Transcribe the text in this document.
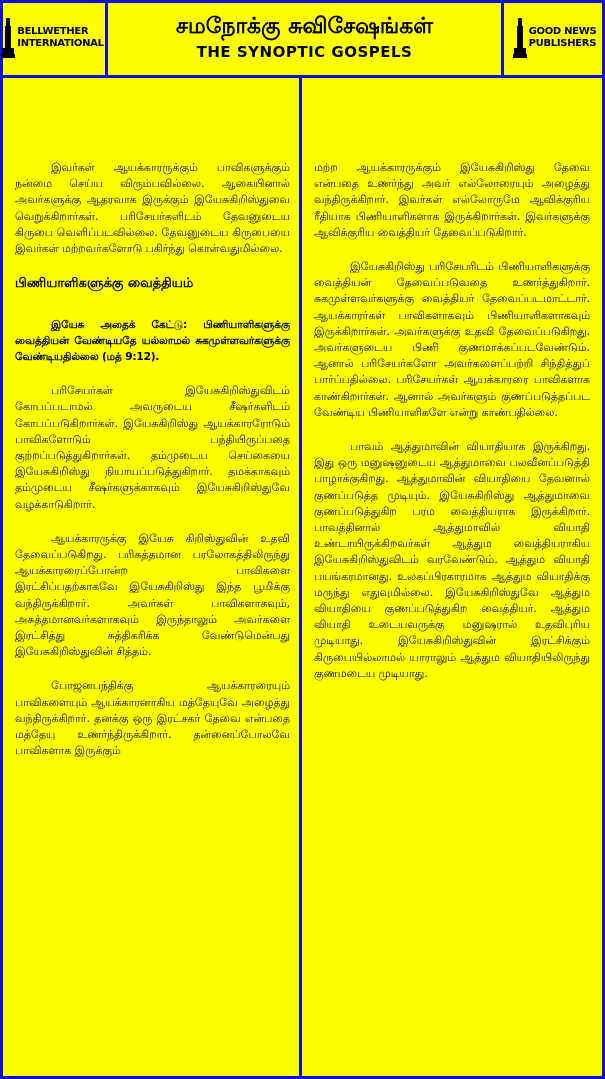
BELLWETHER
INTERNATIONAL
சமநோக்கு சுவிசேஷங்கள்
THE SYNOPTIC GOSPELS
GOOD NEWS
PUBLISHERS

இவர்கள் ஆயக்காரருக்கும் பாவிகளுக்கும் நன்மை செய்ய விரும்பவில்லை. ஆகையினால் அவர்களுக்கு ஆதரவாக இருக்கும் இயேசுகிறிஸ்துவை வெறுக்கிறார்கள். பரிசேயர்களிடம் தேவனுடைய கிருபை வெளிப்படவில்லை. தேவனுடைய கிருபையை இவர்கள் மற்றவர்களோடு பகிர்ந்து கொள்வதுமில்லை.

பிணியாளிகளுக்கு வைத்தியம்

இயேசு அதைக் கேட்டு: பிணியாளிகளுக்கு வைத்தியன் வேண்டியதே யல்லாமல் சுகமுள்ளவர்களுக்கு வேண்டியதில்லை (மத் 9:12).

பரிசேயர்கள் இயேசுகிறிஸ்துவிடம் கோபப்படாமல் அவருடைய சீஷர்களிடம் கோபப்படுகிறார்கள். இயேசுகிறிஸ்து ஆயக்காரரோடும் பாவிகளோடும் பந்தியிருப்பதை குற்றப்படுத்துகிறார்கள். தம்முடைய செய்கையை இயேசுகிறிஸ்து நியாயப்படுத்துகிறார். தமக்காகவும் தம்முடைய சீஷர்களுக்காகவும் இயேசுகிறிஸ்துவே வழக்காடுகிறார்.

ஆயக்காரருக்கு இயேசு கிறிஸ்துவின் உதவி தேவைப்படுகிறது. பரிசுத்தமான பரலோகத்திலிருந்து ஆயக்காரரைப்போன்ற பாவிகளை இரட்சிப்பதற்காகவே இயேசுகிறிஸ்து இந்த பூமிக்கு வந்திருக்கிறார். அவர்கள் பாவிகளாகவும், அசுத்தமானவர்களாகவும் இருந்தாலும் அவர்களை இரட்சித்து சுத்திகரிக்க வேண்டுமென்பது இயேசுகிறிஸ்துவின் சித்தம்.

போஜனபந்திக்கு ஆயக்காரரையும் பாவிகளையும் ஆயக்காரனாகிய மத்தேயுவே அழைத்து வந்திருக்கிறார். தனக்கு ஒரு இரட்சகர் தேவை என்பதை மத்தேயு உணர்ந்திருக்கிறார். தன்னைப்போலவே பாவிகளாக இருக்கும்

மற்ற ஆயக்காரருக்கும் இயேசுகிறிஸ்து தேவை என்பதை உணர்ந்து அவர் எல்லோரையும் அழைத்து வந்திருக்கிறார். இவர்கள் எல்லோருமே ஆவிக்குரிய ரீதியாக பிணியாளிகளாக இருக்கிறார்கள். இவர்களுக்கு ஆவிக்குரிய வைத்தியர் தேவைப்படுகிறார்.

இயேசுகிறிஸ்து பரிசேயரிடம் பிணியாளிகளுக்கு வைத்தியன் தேவைப்படுவதை உணர்த்துகிறார். சுகமுள்ளவர்களுக்கு வைத்தியர் தேவைப்படமாட்டார். ஆயக்காரர்கள் பாவிகளாகவும் பிணியாளிகளாகவும் இருக்கிறார்கள். அவர்களுக்கு உதவி தேவைப்படுகிறது. அவர்களுடைய பிணி குணமாக்கப்படவேண்டும். ஆனால் பரிசேயர்களோ அவர்களைப்பற்றி சிந்தித்துப் பார்ப்பதில்லை. பரிசேயர்கள் ஆயக்காரரை பாவிகளாக காண்கிறார்கள். ஆனால் அவர்களும் குணப்படுத்தப்பட வேண்டிய பிணியாளிகளே என்று காண்பதில்லை.

பாவம் ஆத்துமாவின் வியாதியாக இருக்கிறது. இது ஒரு மனுஷனுடைய ஆத்துமாவை பலவீனப்படுத்தி பாழாக்குகிறது. ஆத்துமாவின் வியாதியை தேவனால் குணப்படுத்த முடியும். இயேசுகிறிஸ்து ஆத்துமாவை குணப்படுத்துகிற பரம வைத்தியராக இருக்கிறார். பாவத்தினால் ஆத்துமாவில் வியாதி உண்டாயிருக்கிறவர்கள் ஆத்தும வைத்தியராகிய இயேசுகிறிஸ்துவிடம் வரவேண்டும். ஆத்தும வியாதி பயங்கரமானது. உலகப்பிரகாரமாக ஆத்தும வியாதிக்கு மருந்து எதுவுமில்லை. இயேசுகிறிஸ்துவே ஆத்தும வியாதியை குணப்படுத்துகிற வைத்தியர். ஆத்தும வியாதி உடையவருக்கு மனுஷரால் உதவிபுரிய முடியாது. இயேசுகிறிஸ்துவின் இரட்சிக்கும் கிருபையில்லாமல் யாராலும் ஆத்தும வியாதியிலிருந்து குணமடைய முடியாது.
